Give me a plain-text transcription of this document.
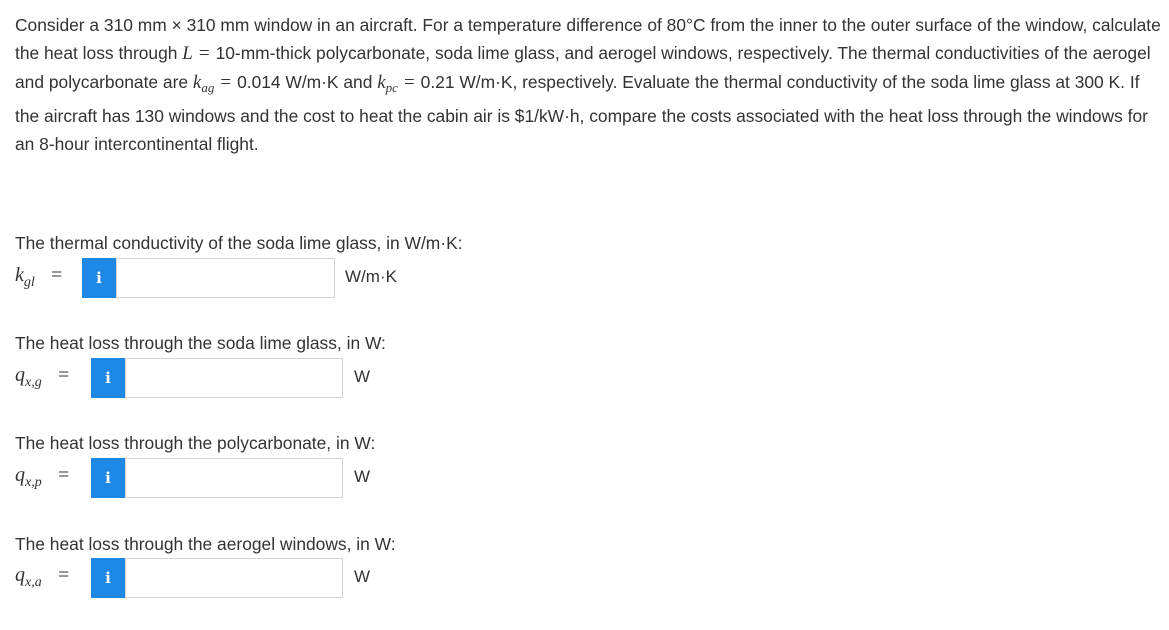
Consider a 310 mm × 310 mm window in an aircraft. For a temperature difference of 80°C from the inner to the outer surface of the window, calculate the heat loss through L = 10-mm-thick polycarbonate, soda lime glass, and aerogel windows, respectively. The thermal conductivities of the aerogel and polycarbonate are $k_{ag} = 0.014$ W/m·K and $k_{pc} = 0.21$ W/m·K, respectively. Evaluate the thermal conductivity of the soda lime glass at 300 K. If the aircraft has 130 windows and the cost to heat the cabin air is $1/kW·h, compare the costs associated with the heat loss through the windows for an 8-hour intercontinental flight.

The thermal conductivity of the soda lime glass, in W/m·K:
$k_{gl}$ =	i	W/m·K
The heat loss through the soda lime glass, in W:
$q_{x,g}$ =	i	W
The heat loss through the polycarbonate, in W:
$q_{x,p}$ =	i	W
The heat loss through the aerogel windows, in W:
$q_{x,a}$ =	i	W
